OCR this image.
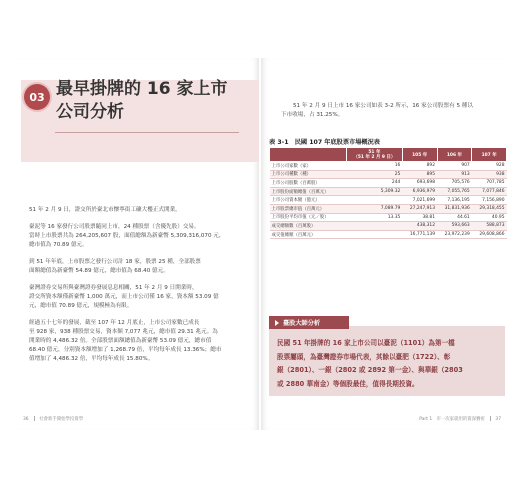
03 最早掛牌的 16 家上市
公司分析

51 年 2 月 9 日，證交所於臺北市懷寧街工礦大樓正式開業。

臺泥等 16 家發行公司股票隨同上市，24 種股票（含優先股）交易。
當時上市股票共為 264,205,607 股，面值總額為新臺幣 5,309,316,070 元，
總市值為 70.89 億元。

到 51 年年底，上市股票之發行公司計 18 家，股票 25 種，全部股票
面額總值為新臺幣 54.89 億元，總市值為 68.40 億元。

臺灣證券交易所與臺灣證券發展息息相關，51 年 2 月 9 日開業時，
證交所資本額僅新臺幣 1,000 萬元，而上市公司僅 16 家，資本額 53.09 億
元，總市值 70.89 億元，規模極為有限。

經過五十七年的發展，截至 107 年 12 月底止，上市公司家數已成長
至 928 家，938 種股票交易，資本額 7,077 兆元，總市值 29.31 兆元。為
開業時的 4,486.32 倍。全部股票面額總值為新臺幣 53.09 億元，總市值
68.40 億元，分別資本額增加了 1,268.79 倍，平均每年成長 13.36%；總市
值增加了 4,486.32 倍，平均每年成長 15.80%。

36 社會新手開始學投資學
51 年 2 月 9 日上市 16 家公司如表 3-2 所示，16 家公司股票有 5 種以
下市收場，占 31.25%。
表 3-1　民國 107 年底股票市場概況表
	51 年
（51 年 2 月 9 日）	105 年	106 年	107 年
上市公司家數（家）	16	892	907	928
上市公司種數（種）	25	895	913	938
上市公司股數（百萬股）	244	693,698	705,576	707,785
上市股份面額總值（百萬元）	5,309.32	6,936,979	7,055,765	7,077,846
上市公司資本額（億元）		7,021,699	7,136,195	7,156,890
上市股票總市值（百萬元）	7,089.79	27,247,913	31,831,936	29,318,455
上市股份平均市值（元／股）	13.35	38.81	44.61	40.95
成交總額數（百萬股）		438,312	593,663	588,873
成交值總額（百萬元）		16,771,139	23,972,239	29,608,866
臺股大師分析
民國 51 年掛牌的 16 家上市公司以臺泥（1101）為第一檔
股票屬頭，為臺灣證券市場代表，其餘以臺肥（1722）、彰
銀（2801）、一銀（2802 或 2892 第一金）、與華銀（2803
或 2880 華南金）等個股最佳，值得長期投資。
Part 1　市一次家就用的資深賽密 37
